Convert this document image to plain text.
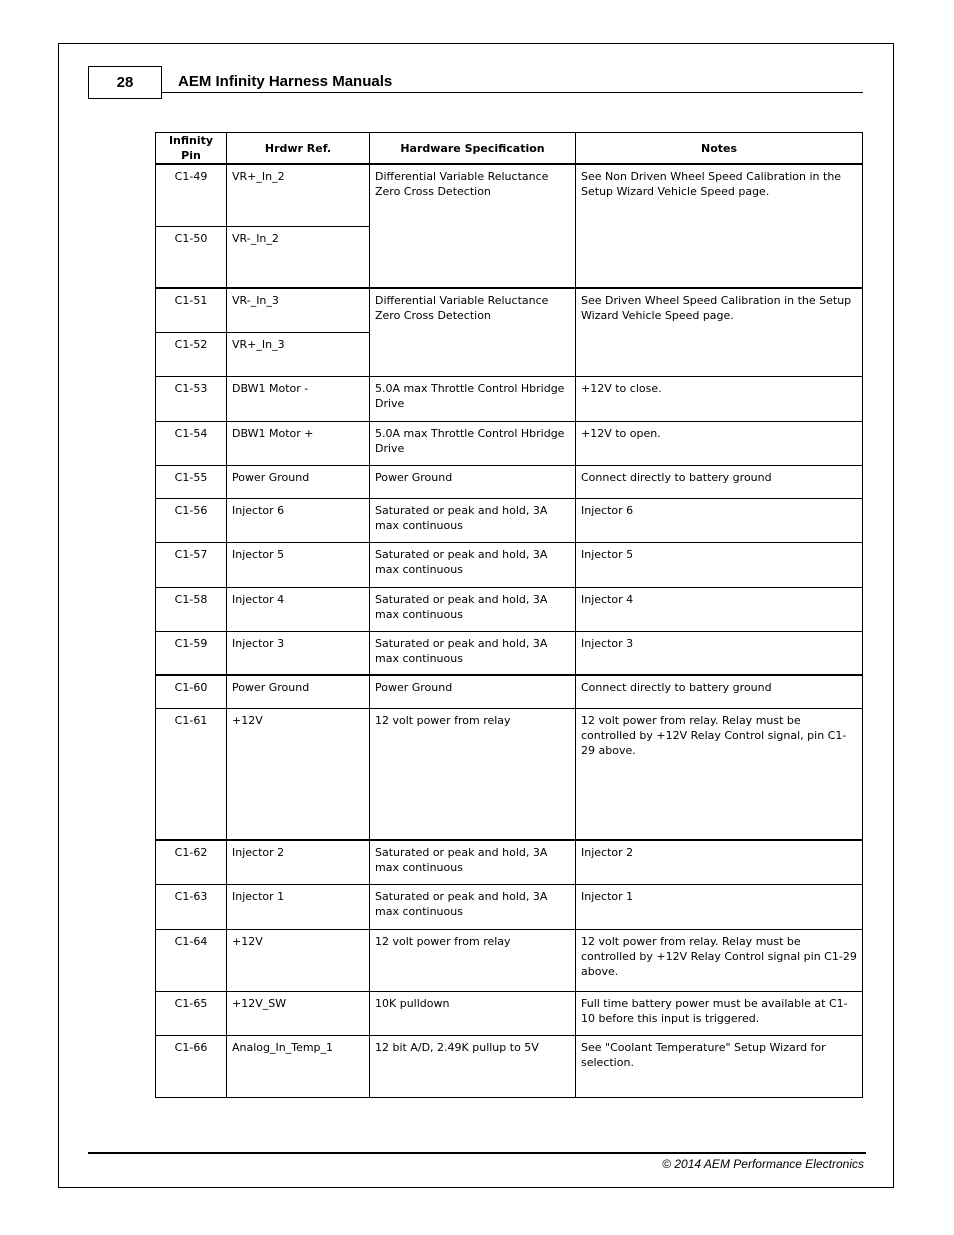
28	AEM Infinity Harness Manuals
Infinity Pin	Hrdwr Ref.	Hardware Specification	Notes
C1-49	VR+_In_2	Differential Variable Reluctance Zero Cross Detection	See Non Driven Wheel Speed Calibration in the Setup Wizard Vehicle Speed page.
C1-50	VR-_In_2		
C1-51	VR-_In_3	Differential Variable Reluctance Zero Cross Detection	See Driven Wheel Speed Calibration in the Setup Wizard Vehicle Speed page.
C1-52	VR+_In_3		
C1-53	DBW1 Motor -	5.0A max Throttle Control Hbridge Drive	+12V to close.
C1-54	DBW1 Motor +	5.0A max Throttle Control Hbridge Drive	+12V to open.
C1-55	Power Ground	Power Ground	Connect directly to battery ground
C1-56	Injector 6	Saturated or peak and hold, 3A max continuous	Injector 6
C1-57	Injector 5	Saturated or peak and hold, 3A max continuous	Injector 5
C1-58	Injector 4	Saturated or peak and hold, 3A max continuous	Injector 4
C1-59	Injector 3	Saturated or peak and hold, 3A max continuous	Injector 3
C1-60	Power Ground	Power Ground	Connect directly to battery ground
C1-61	+12V	12 volt power from relay	12 volt power from relay. Relay must be controlled by +12V Relay Control signal, pin C1-29 above.
C1-62	Injector 2	Saturated or peak and hold, 3A max continuous	Injector 2
C1-63	Injector 1	Saturated or peak and hold, 3A max continuous	Injector 1
C1-64	+12V	12 volt power from relay	12 volt power from relay. Relay must be controlled by +12V Relay Control signal pin C1-29 above.
C1-65	+12V_SW	10K pulldown	Full time battery power must be available at C1-10 before this input is triggered.
C1-66	Analog_In_Temp_1	12 bit A/D, 2.49K pullup to 5V	See "Coolant Temperature" Setup Wizard for selection.
© 2014 AEM Performance Electronics
